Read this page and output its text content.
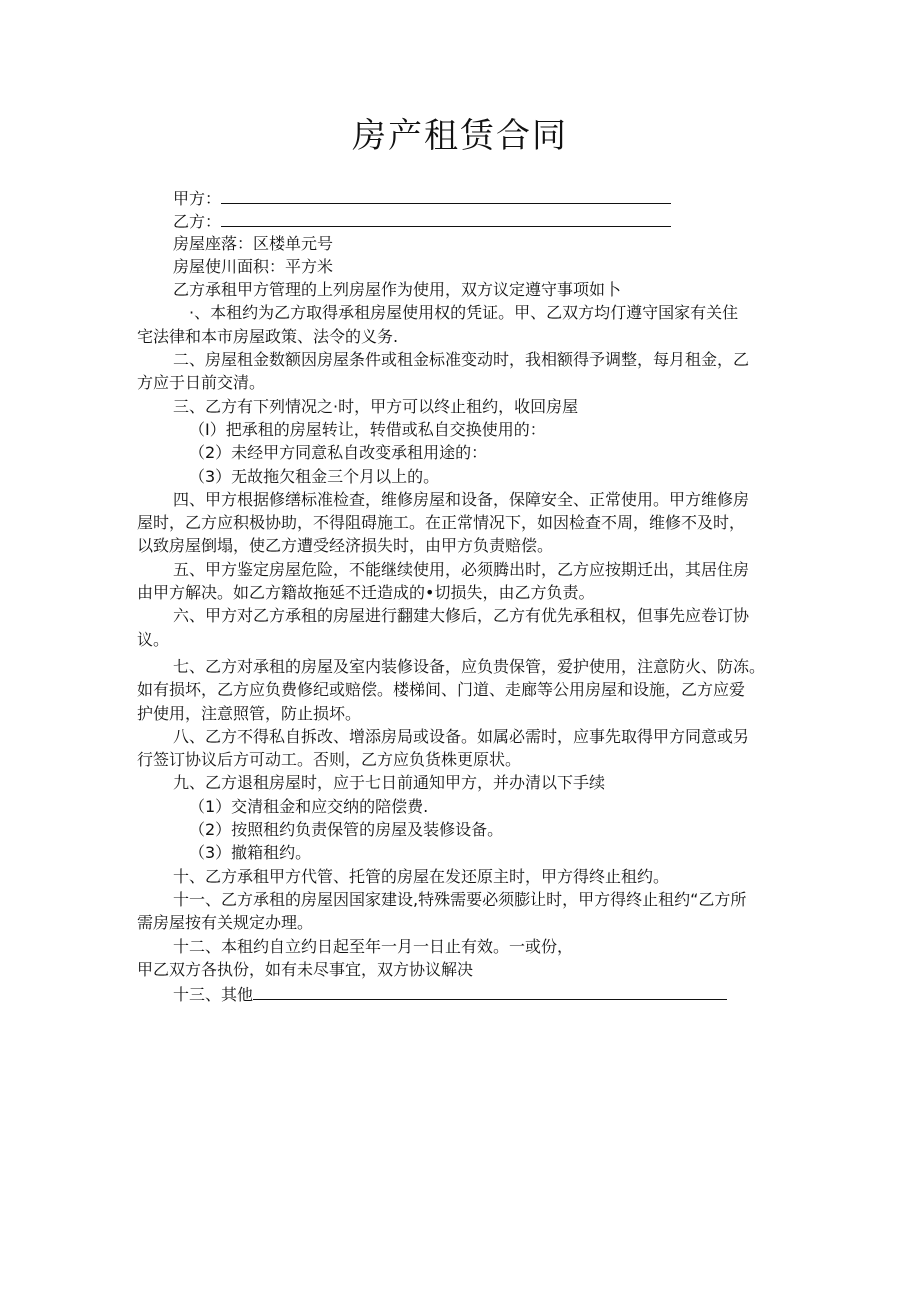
房产租赁合同
甲方：
乙方：
房屋座落：区楼单元号
房屋使川面积：平方米
乙方承租甲方管理的上列房屋作为使用，双方议定遵守事项如卜
·、本租约为乙方取得承租房屋使用权的凭证。甲、乙双方均仃遵守国家有关住
宅法律和本市房屋政策、法令的义务.
二、房屋租金数额因房屋条件或租金标准变动时，我相额得予调整，每月租金，乙
方应于日前交清。
三、乙方有下列情况之·时，甲方可以终止租约，收回房屋
（I）把承租的房屋转让，转借或私自交换使用的：
（2）未经甲方同意私自改变承租用途的：
（3）无故拖欠租金三个月以上的。
四、甲方根据修缮标准检查，维修房屋和设备，保障安全、正常使用。甲方维修房
屋时，乙方应积极协助，不得阻碍施工。在正常情况下，如因检查不周，维修不及时，
以致房屋倒塌，使乙方遭受经济损失时，由甲方负责赔偿。
五、甲方鉴定房屋危险，不能继续使用，必须腾出时，乙方应按期迁出，其居住房
由甲方解决。如乙方籍故拖延不迁造成的•切损失，由乙方负责。
六、甲方对乙方承租的房屋进行翻建大修后，乙方有优先承租权，但事先应卷订协
议。
七、乙方对承租的房屋及室内装修设备，应负贵保管，爱护使用，注意防火、防冻。
如有损坏，乙方应负费修纪或赔偿。楼梯间、门道、走廊等公用房屋和设施，乙方应爱
护使用，注意照管，防止损坏。
八、乙方不得私自拆改、增添房局或设备。如属必需时，应事先取得甲方同意或另
行签订协议后方可动工。否则，乙方应负货株更原状。
九、乙方退租房屋时，应于七日前通知甲方，并办清以下手续
（1）交清租金和应交纳的陪偿费.
（2）按照租约负责保管的房屋及装修设备。
（3）撤箱租约。
十、乙方承租甲方代管、托管的房屋在发还原主时，甲方得终止租约。
十一、乙方承租的房屋因国家建设,特殊需要必须膨让时，甲方得终止租约“乙方所
需房屋按有关规定办理。
十二、本租约自立约日起至年一月一日止有效。一或份，
甲乙双方各执份，如有未尽事宜，双方协议解决
十三、其他
